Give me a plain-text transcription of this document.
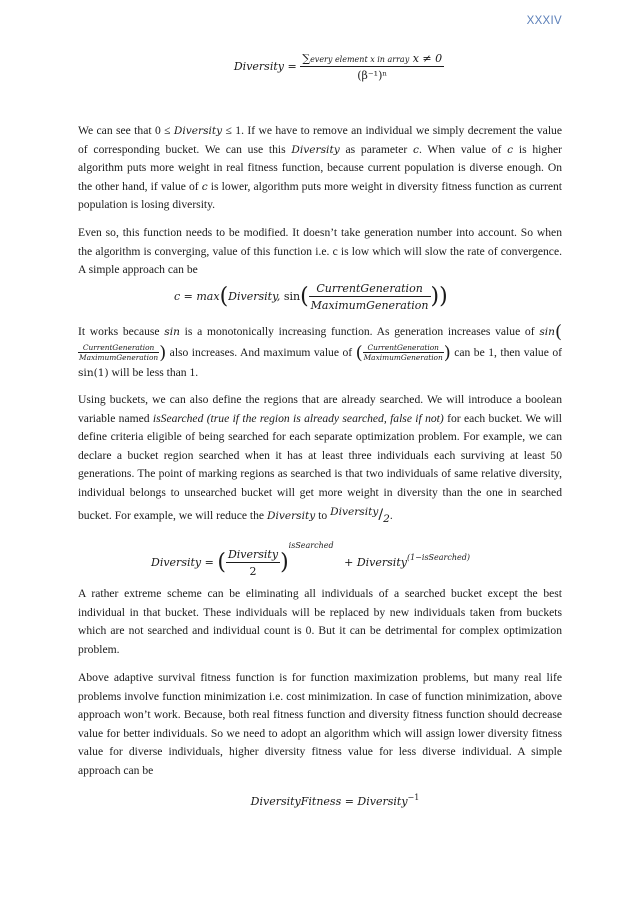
XXXIV
Diversity = $\frac{\text{∑every element x in array x ≠ 0}}{\text{(β⁻¹)ⁿ}}$

We can see that 0 ≤ Diversity ≤ 1. If we have to remove an individual we simply decrement the value of corresponding bucket. We can use this Diversity as parameter c. When value of c is higher algorithm puts more weight in real fitness function, because current population is diverse enough. On the other hand, if value of c is lower, algorithm puts more weight in diversity fitness function as current population is losing diversity.

Even so, this function needs to be modified. It doesn’t take generation number into account. So when the algorithm is converging, value of this function i.e. c is low which will slow the rate of convergence. A simple approach can be

c = max(Diversity, $\sin( \frac{\text{CurrentGeneration}}{\text{MaximumGeneration}}$ ))

It works because sin is a monotonically increasing function. As generation increases value of sin(
CurrentGeneration
MaximumGeneration ) also increases. And maximum value of ( CurrentGeneration
MaximumGeneration ) can be 1, then value of sin(1) will be less than 1.

Using buckets, we can also define the regions that are already searched. We will introduce a boolean variable named isSearched (true if the region is already searched, false if not) for each bucket. We will define criteria eligible of being searched for each separate optimization problem. For example, we can declare a bucket region searched when it has at least three individuals each surviving at least 50 generations. The point of marking regions as searched is that two individuals of same relative diversity, individual belongs to unsearched bucket will get more weight in diversity than the one in searched bucket. For example, we will reduce the Diversity to Diversity/2.

Diversity = ( $\frac{\text{Diversity}}{2} )^{isSearched}$   + Diversity$^{(1-isSearched)}$

A rather extreme scheme can be eliminating all individuals of a searched bucket except the best individual in that bucket. These individuals will be replaced by new individuals taken from buckets which are not searched and individual count is 0. But it can be detrimental for complex optimization problem.

Above adaptive survival fitness function is for function maximization problems, but many real life problems involve function minimization i.e. cost minimization. In case of function minimization, above approach won’t work. Because, both real fitness function and diversity fitness function should decrease value for better individuals. So we need to adopt an algorithm which will assign lower diversity fitness value for diverse individuals, higher diversity fitness value for less diverse individual. A simple approach can be

DiversityFitness = Diversity$^{-1}$
